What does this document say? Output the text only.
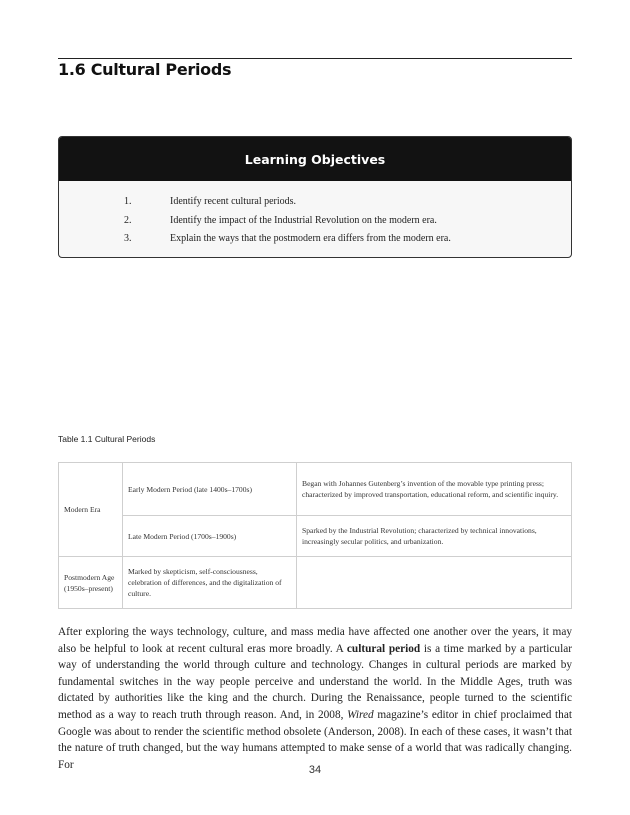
1.6 Cultural Periods
Learning Objectives
1.	Identify recent cultural periods.
2.	Identify the impact of the Industrial Revolution on the modern era.
3.	Explain the ways that the postmodern era differs from the modern era.

Table 1.1 Cultural Periods

Modern Era	Early Modern Period (late 1400s–1700s)	Began with Johannes Gutenberg’s invention of the movable type printing press; characterized by improved transportation, educational reform, and scientific inquiry.
	Late Modern Period (1700s–1900s)	Sparked by the Industrial Revolution; characterized by technical innovations, increasingly secular politics, and urbanization.
Postmodern Age (1950s–present)	Marked by skepticism, self-consciousness, celebration of differences, and the digitalization of culture.	

After exploring the ways technology, culture, and mass media have affected one another over the years, it may also be helpful to look at recent cultural eras more broadly. A cultural period is a time marked by a particular way of understanding the world through culture and technology. Changes in cultural periods are marked by fundamental switches in the way people perceive and understand the world. In the Middle Ages, truth was dictated by authorities like the king and the church. During the Renaissance, people turned to the scientific method as a way to reach truth through reason. And, in 2008, Wired magazine’s editor in chief proclaimed that Google was about to render the scientific method obsolete (Anderson, 2008). In each of these cases, it wasn’t that the nature of truth changed, but the way humans attempted to make sense of a world that was radically changing. For	34
